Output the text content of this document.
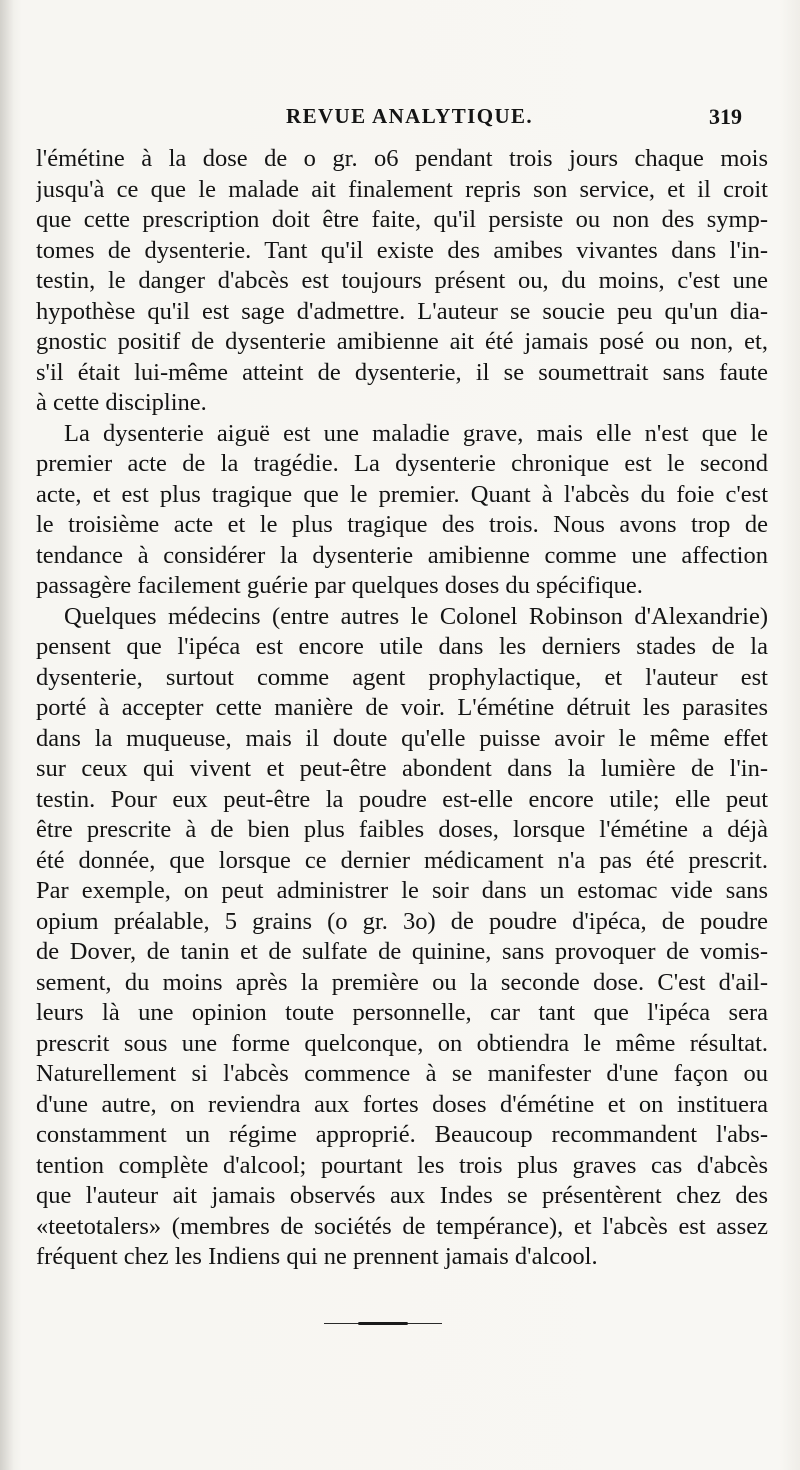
REVUE ANALYTIQUE.	319
l'émétine à la dose de o gr. o6 pendant trois jours chaque mois
jusqu'à ce que le malade ait finalement repris son service, et il croit
que cette prescription doit être faite, qu'il persiste ou non des symp-
tomes de dysenterie. Tant qu'il existe des amibes vivantes dans l'in-
testin, le danger d'abcès est toujours présent ou, du moins, c'est une
hypothèse qu'il est sage d'admettre. L'auteur se soucie peu qu'un dia-
gnostic positif de dysenterie amibienne ait été jamais posé ou non, et,
s'il était lui-même atteint de dysenterie, il se soumettrait sans faute
à cette discipline.
La dysenterie aiguë est une maladie grave, mais elle n'est que le
premier acte de la tragédie. La dysenterie chronique est le second
acte, et est plus tragique que le premier. Quant à l'abcès du foie c'est
le troisième acte et le plus tragique des trois. Nous avons trop de
tendance à considérer la dysenterie amibienne comme une affection
passagère facilement guérie par quelques doses du spécifique.
Quelques médecins (entre autres le Colonel Robinson d'Alexandrie)
pensent que l'ipéca est encore utile dans les derniers stades de la
dysenterie, surtout comme agent prophylactique, et l'auteur est
porté à accepter cette manière de voir. L'émétine détruit les parasites
dans la muqueuse, mais il doute qu'elle puisse avoir le même effet
sur ceux qui vivent et peut-être abondent dans la lumière de l'in-
testin. Pour eux peut-être la poudre est-elle encore utile; elle peut
être prescrite à de bien plus faibles doses, lorsque l'émétine a déjà
été donnée, que lorsque ce dernier médicament n'a pas été prescrit.
Par exemple, on peut administrer le soir dans un estomac vide sans
opium préalable, 5 grains (o gr. 3o) de poudre d'ipéca, de poudre
de Dover, de tanin et de sulfate de quinine, sans provoquer de vomis-
sement, du moins après la première ou la seconde dose. C'est d'ail-
leurs là une opinion toute personnelle, car tant que l'ipéca sera
prescrit sous une forme quelconque, on obtiendra le même résultat.
Naturellement si l'abcès commence à se manifester d'une façon ou
d'une autre, on reviendra aux fortes doses d'émétine et on instituera
constamment un régime approprié. Beaucoup recommandent l'abs-
tention complète d'alcool; pourtant les trois plus graves cas d'abcès
que l'auteur ait jamais observés aux Indes se présentèrent chez des
«teetotalers» (membres de sociétés de tempérance), et l'abcès est assez
fréquent chez les Indiens qui ne prennent jamais d'alcool.
